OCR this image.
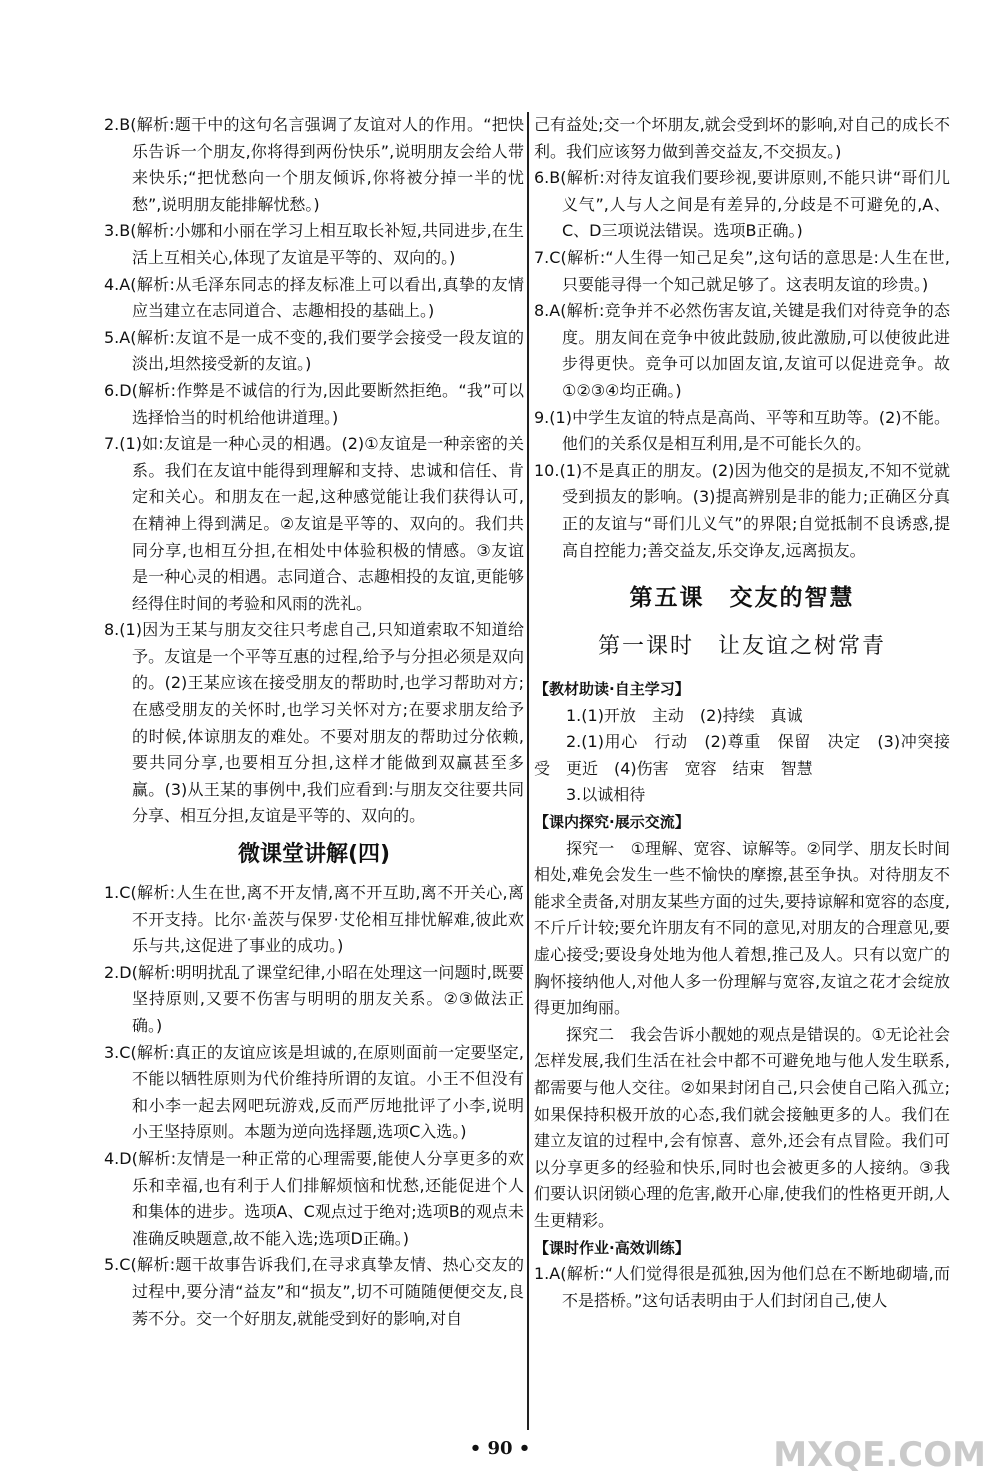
2.B(解析:题干中的这句名言强调了友谊对人的作用。“把快乐告诉一个朋友,你将得到两份快乐”,说明朋友会给人带来快乐;“把忧愁向一个朋友倾诉,你将被分掉一半的忧愁”,说明朋友能排解忧愁。)

3.B(解析:小娜和小丽在学习上相互取长补短,共同进步,在生活上互相关心,体现了友谊是平等的、双向的。)

4.A(解析:从毛泽东同志的择友标准上可以看出,真挚的友情应当建立在志同道合、志趣相投的基础上。)

5.A(解析:友谊不是一成不变的,我们要学会接受一段友谊的淡出,坦然接受新的友谊。)

6.D(解析:作弊是不诚信的行为,因此要断然拒绝。“我”可以选择恰当的时机给他讲道理。)

7.(1)如:友谊是一种心灵的相遇。(2)①友谊是一种亲密的关系。我们在友谊中能得到理解和支持、忠诚和信任、肯定和关心。和朋友在一起,这种感觉能让我们获得认可,在精神上得到满足。②友谊是平等的、双向的。我们共同分享,也相互分担,在相处中体验积极的情感。③友谊是一种心灵的相遇。志同道合、志趣相投的友谊,更能够经得住时间的考验和风雨的洗礼。

8.(1)因为王某与朋友交往只考虑自己,只知道索取不知道给予。友谊是一个平等互惠的过程,给予与分担必须是双向的。(2)王某应该在接受朋友的帮助时,也学习帮助对方;在感受朋友的关怀时,也学习关怀对方;在要求朋友给予的时候,体谅朋友的难处。不要对朋友的帮助过分依赖,要共同分享,也要相互分担,这样才能做到双赢甚至多赢。(3)从王某的事例中,我们应看到:与朋友交往要共同分享、相互分担,友谊是平等的、双向的。

微课堂讲解(四)

1.C(解析:人生在世,离不开友情,离不开互助,离不开关心,离不开支持。比尔·盖茨与保罗·艾伦相互排忧解难,彼此欢乐与共,这促进了事业的成功。)

2.D(解析:明明扰乱了课堂纪律,小昭在处理这一问题时,既要坚持原则,又要不伤害与明明的朋友关系。②③做法正确。)

3.C(解析:真正的友谊应该是坦诚的,在原则面前一定要坚定,不能以牺牲原则为代价维持所谓的友谊。小王不但没有和小李一起去网吧玩游戏,反而严厉地批评了小李,说明小王坚持原则。本题为逆向选择题,选项C入选。)

4.D(解析:友情是一种正常的心理需要,能使人分享更多的欢乐和幸福,也有利于人们排解烦恼和忧愁,还能促进个人和集体的进步。选项A、C观点过于绝对;选项B的观点未准确反映题意,故不能入选;选项D正确。)

5.C(解析:题干故事告诉我们,在寻求真挚友情、热心交友的过程中,要分清“益友”和“损友”,切不可随随便便交友,良莠不分。交一个好朋友,就能受到好的影响,对自

己有益处;交一个坏朋友,就会受到坏的影响,对自己的成长不利。我们应该努力做到善交益友,不交损友。)

6.B(解析:对待友谊我们要珍视,要讲原则,不能只讲“哥们儿义气”,人与人之间是有差异的,分歧是不可避免的,A、C、D三项说法错误。选项B正确。)

7.C(解析:“人生得一知己足矣”,这句话的意思是:人生在世,只要能寻得一个知己就足够了。这表明友谊的珍贵。)

8.A(解析:竞争并不必然伤害友谊,关键是我们对待竞争的态度。朋友间在竞争中彼此鼓励,彼此激励,可以使彼此进步得更快。竞争可以加固友谊,友谊可以促进竞争。故①②③④均正确。)

9.(1)中学生友谊的特点是高尚、平等和互助等。(2)不能。他们的关系仅是相互利用,是不可能长久的。

10.(1)不是真正的朋友。(2)因为他交的是损友,不知不觉就受到损友的影响。(3)提高辨别是非的能力;正确区分真正的友谊与“哥们儿义气”的界限;自觉抵制不良诱惑,提高自控能力;善交益友,乐交诤友,远离损友。

第五课　交友的智慧
第一课时　让友谊之树常青

【教材助读·自主学习】

1.(1)开放　主动　(2)持续　真诚

2.(1)用心　行动　(2)尊重　保留　决定　(3)冲突接受　更近　(4)伤害　宽容　结束　智慧

3.以诚相待

【课内探究·展示交流】

探究一　①理解、宽容、谅解等。②同学、朋友长时间相处,难免会发生一些不愉快的摩擦,甚至争执。对待朋友不能求全责备,对朋友某些方面的过失,要持谅解和宽容的态度,不斤斤计较;要允许朋友有不同的意见,对朋友的合理意见,要虚心接受;要设身处地为他人着想,推己及人。只有以宽广的胸怀接纳他人,对他人多一份理解与宽容,友谊之花才会绽放得更加绚丽。

探究二　我会告诉小靓她的观点是错误的。①无论社会怎样发展,我们生活在社会中都不可避免地与他人发生联系,都需要与他人交往。②如果封闭自己,只会使自己陷入孤立;如果保持积极开放的心态,我们就会接触更多的人。我们在建立友谊的过程中,会有惊喜、意外,还会有点冒险。我们可以分享更多的经验和快乐,同时也会被更多的人接纳。③我们要认识闭锁心理的危害,敞开心扉,使我们的性格更开朗,人生更精彩。

【课时作业·高效训练】

1.A(解析:“人们觉得很是孤独,因为他们总在不断地砌墙,而不是搭桥。”这句话表明由于人们封闭自己,使人

• 90 •	MXQE.COM
